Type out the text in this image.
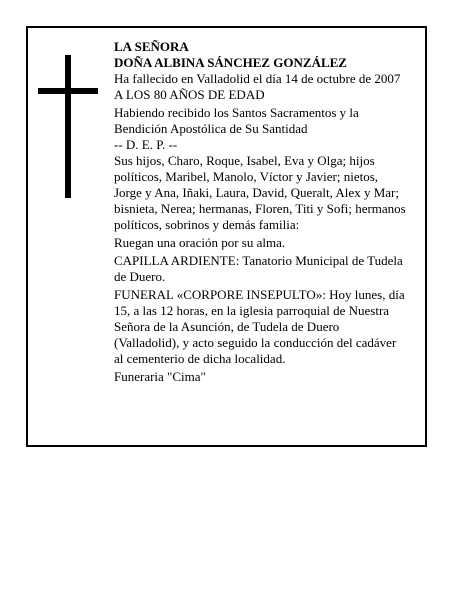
LA SEÑORA
DOÑA ALBINA SÁNCHEZ GONZÁLEZ
Ha fallecido en Valladolid el día 14 de octubre de 2007
A LOS 80 AÑOS DE EDAD
Habiendo recibido los Santos Sacramentos y la
Bendición Apostólica de Su Santidad
-- D. E. P. --
Sus hijos, Charo, Roque, Isabel, Eva y Olga; hijos
políticos, Maribel, Manolo, Víctor y Javier; nietos,
Jorge y Ana, Iñaki, Laura, David, Queralt, Alex y Mar;
bisnieta, Nerea; hermanas, Floren, Titi y Sofi; hermanos
políticos, sobrinos y demás familia:
Ruegan una oración por su alma.
CAPILLA ARDIENTE: Tanatorio Municipal de Tudela
de Duero.
FUNERAL «CORPORE INSEPULTO»: Hoy lunes, día
15, a las 12 horas, en la iglesia parroquial de Nuestra
Señora de la Asunción, de Tudela de Duero
(Valladolid), y acto seguido la conducción del cadáver
al cementerio de dicha localidad.
Funeraria "Cima"
